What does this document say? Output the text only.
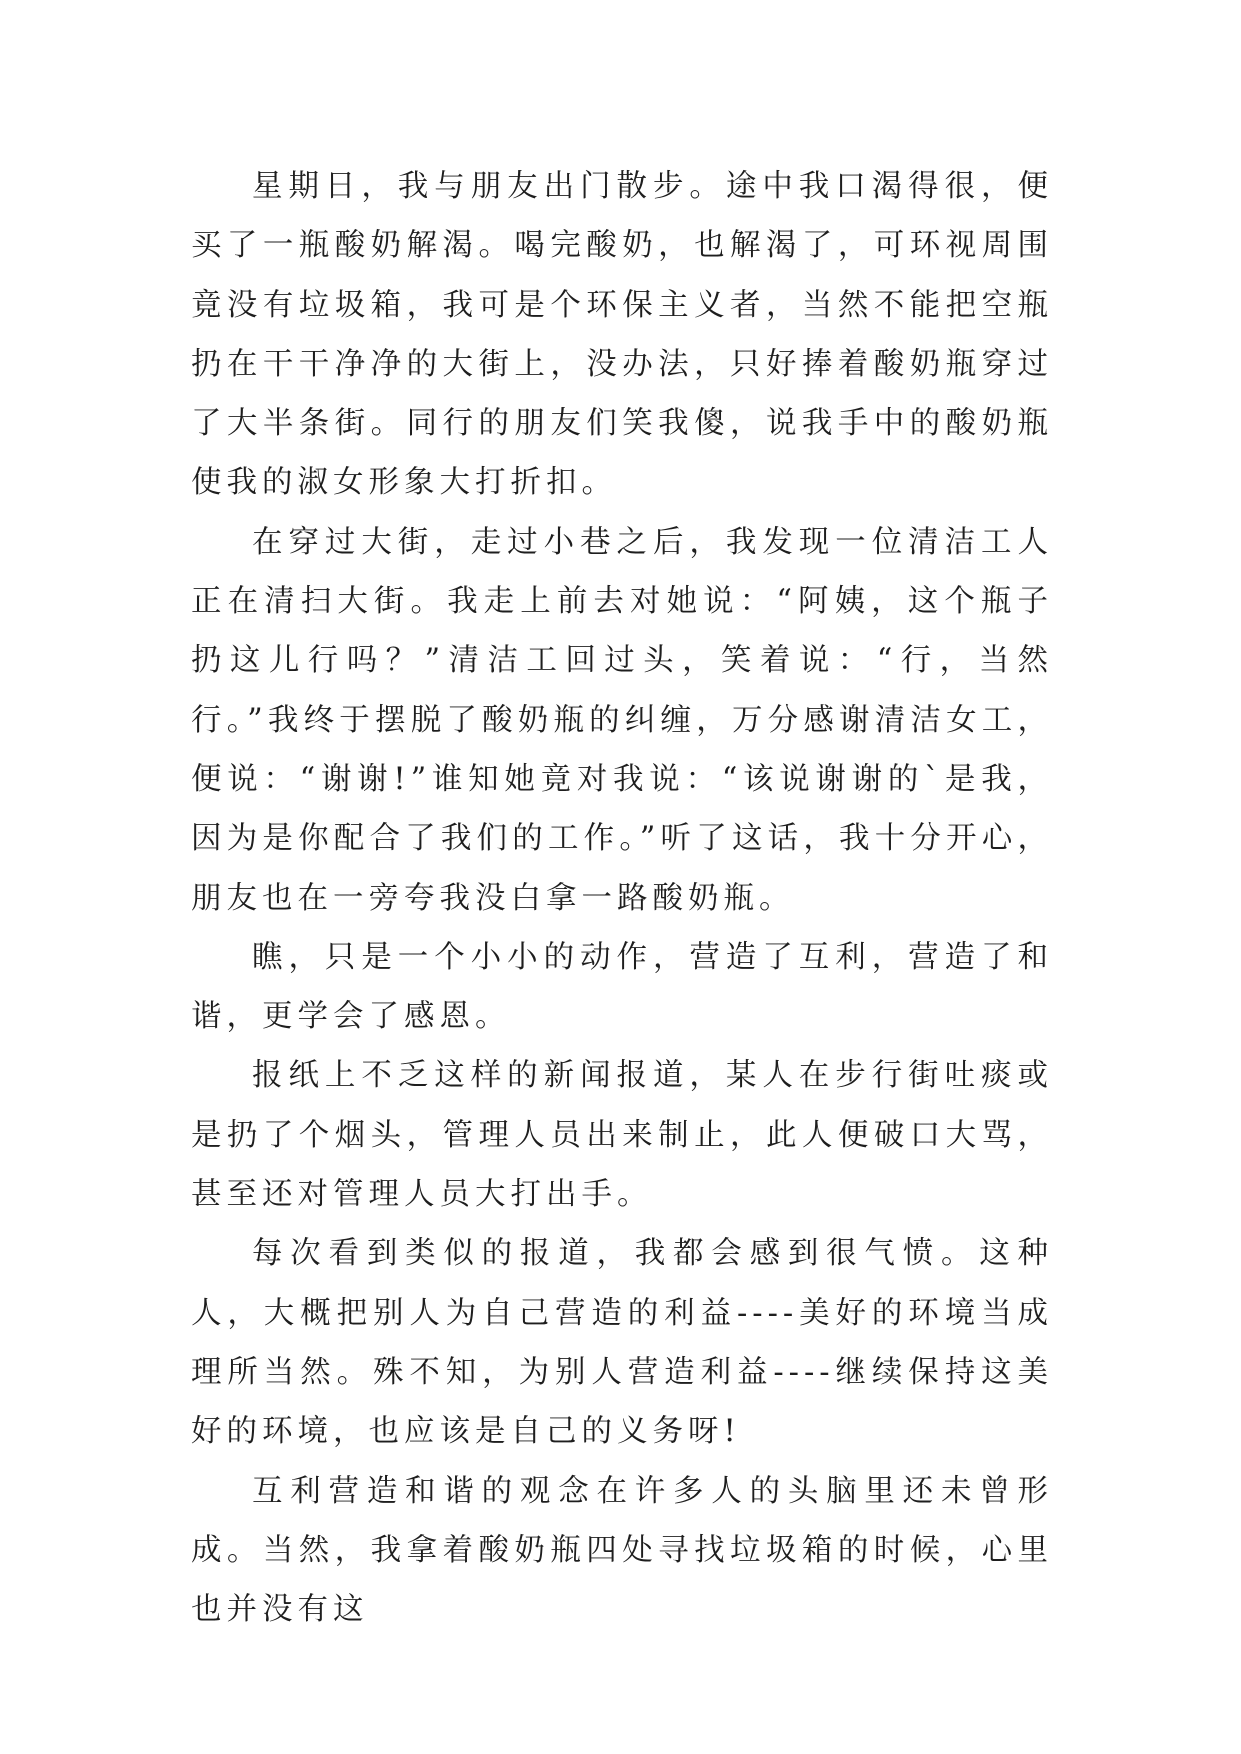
星期日，我与朋友出门散步。途中我口渴得很，便买了一瓶酸奶解渴。喝完酸奶，也解渴了，可环视周围竟没有垃圾箱，我可是个环保主义者，当然不能把空瓶扔在干干净净的大街上，没办法，只好捧着酸奶瓶穿过了大半条街。同行的朋友们笑我傻，说我手中的酸奶瓶使我的淑女形象大打折扣。

在穿过大街，走过小巷之后，我发现一位清洁工人正在清扫大街。我走上前去对她说：“阿姨，这个瓶子扔这儿行吗？”清洁工回过头，笑着说：“行，当然行。”我终于摆脱了酸奶瓶的纠缠，万分感谢清洁女工，便说：“谢谢!”谁知她竟对我说：“该说谢谢的`是我，因为是你配合了我们的工作。”听了这话，我十分开心，朋友也在一旁夸我没白拿一路酸奶瓶。

瞧，只是一个小小的动作，营造了互利，营造了和谐，更学会了感恩。

报纸上不乏这样的新闻报道，某人在步行街吐痰或是扔了个烟头，管理人员出来制止，此人便破口大骂，甚至还对管理人员大打出手。

每次看到类似的报道，我都会感到很气愤。这种人，大概把别人为自己营造的利益----美好的环境当成理所当然。殊不知，为别人营造利益----继续保持这美好的环境，也应该是自己的义务呀!

互利营造和谐的观念在许多人的头脑里还未曾形成。当然，我拿着酸奶瓶四处寻找垃圾箱的时候，心里也并没有这
